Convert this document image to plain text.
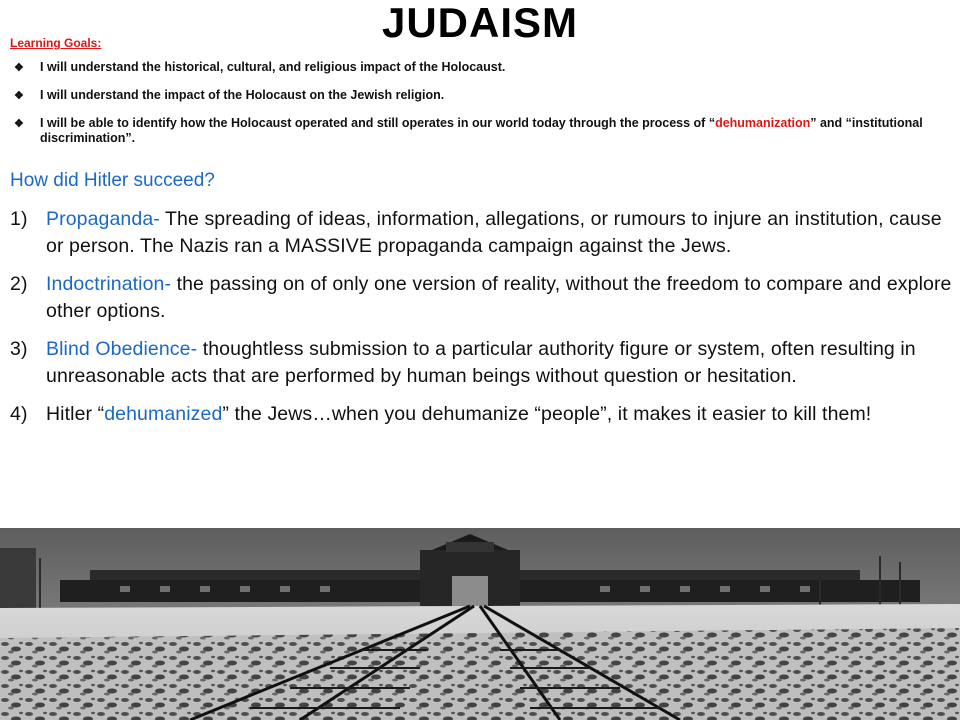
JUDAISM
Learning Goals:
❖ I will understand the historical, cultural, and religious impact of the Holocaust.
❖ I will understand the impact of the Holocaust on the Jewish religion.
❖ I will be able to identify how the Holocaust operated and still operates in our world today through the process of “dehumanization” and “institutional discrimination”.
How did Hitler succeed?
1) Propaganda- The spreading of ideas, information, allegations, or rumours to injure an institution, cause or person. The Nazis ran a MASSIVE propaganda campaign against the Jews.
2) Indoctrination- the passing on of only one version of reality, without the freedom to compare and explore other options.
3) Blind Obedience- thoughtless submission to a particular authority figure or system, often resulting in unreasonable acts that are performed by human beings without question or hesitation.
4) Hitler “dehumanized” the Jews…when you dehumanize “people”, it makes it easier to kill them!
